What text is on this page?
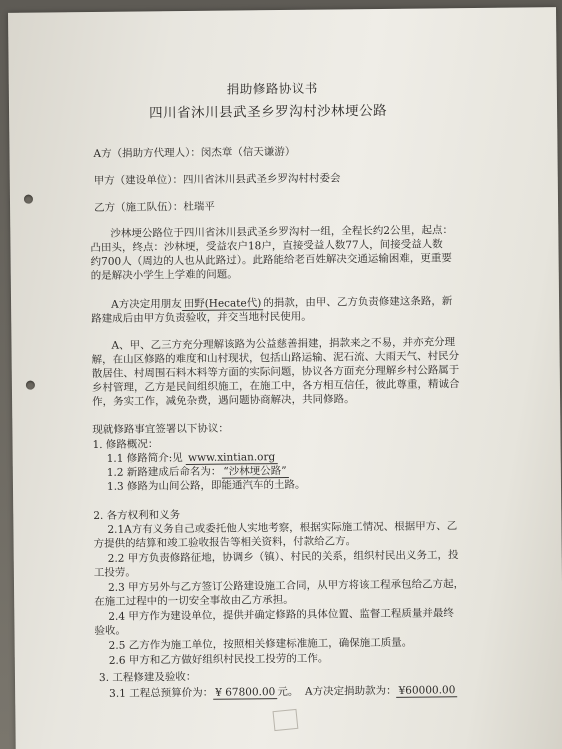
捐助修路协议书
四川省沐川县武圣乡罗沟村沙林埂公路
A方（捐助方代理人）：闵杰章（信天谦游）
甲方（建设单位）：四川省沐川县武圣乡罗沟村村委会
乙方（施工队伍）：杜瑞平
沙林埂公路位于四川省沐川县武圣乡罗沟村一组，全程长约2公里，起点：
凸田头，终点：沙林埂，受益农户18户，直接受益人数77人，间接受益人数
约700人（周边的人也从此路过）。此路能给老百姓解决交通运输困难，更重要
的是解决小学生上学难的问题。
A方决定用朋友 田野(Hecate代) 的捐款，由甲、乙方负责修建这条路，新
路建成后由甲方负责验收，并交当地村民使用。
A、甲、乙三方充分理解该路为公益慈善捐建，捐款来之不易，并亦充分理
解，在山区修路的难度和山村现状，包括山路运输、泥石流、大雨天气、村民分
散居住、村周围石料木料等方面的实际问题，协议各方面充分理解乡村公路属于
乡村管理，乙方是民间组织施工，在施工中，各方相互信任，彼此尊重，精诚合
作，务实工作，减免杂费，遇问题协商解决，共同修路。
现就修路事宜签署以下协议：
1. 修路概况：
1.1 修路简介:见 www.xintian.org
1.2 新路建成后命名为： “沙林埂公路”
1.3 修路为山间公路，即能通汽车的土路。
2. 各方权利和义务
2.1A方有义务自己或委托他人实地考察，根据实际施工情况、根据甲方、乙
方提供的结算和竣工验收报告等相关资料，付款给乙方。
2.2 甲方负责修路征地，协调乡（镇）、村民的关系，组织村民出义务工，投
工投劳。
2.3 甲方另外与乙方签订公路建设施工合同，从甲方将该工程承包给乙方起，
在施工过程中的一切安全事故由乙方承担。
2.4 甲方作为建设单位，提供并确定修路的具体位置、监督工程质量并最终
验收。
2.5 乙方作为施工单位，按照相关修建标准施工，确保施工质量。
2.6 甲方和乙方做好组织村民投工投劳的工作。
3. 工程修建及验收：
3.1 工程总预算价为： ¥ 67800.00 元。 A方决定捐助款为： ¥60000.00
